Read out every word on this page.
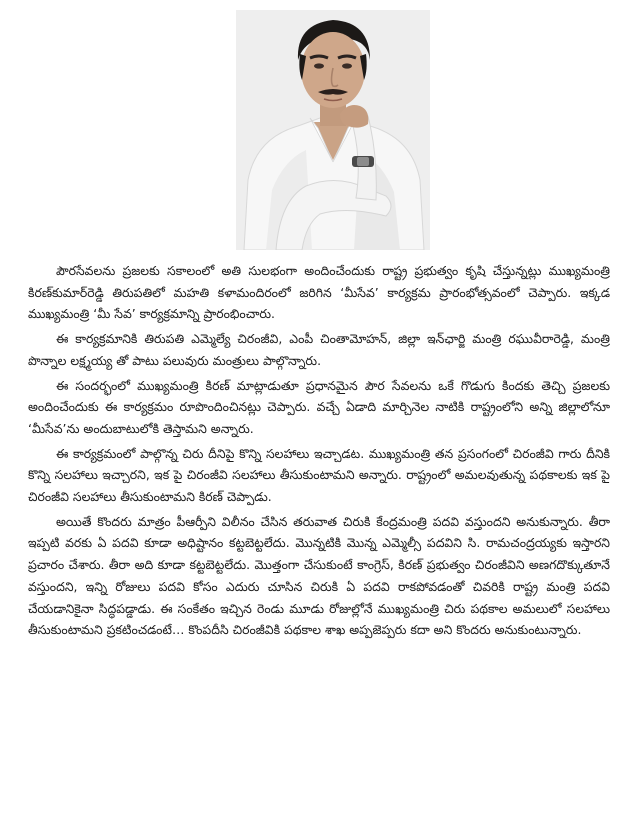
పౌరసేవలను ప్రజలకు సకాలంలో అతి సులభంగా అందించేందుకు రాష్ట్ర ప్రభుత్వం కృషి చేస్తున్నట్లు ముఖ్యమంత్రి కిరణ్‌కుమార్‌రెడ్డి తిరుపతిలో మహతి కళామందిరంలో జరిగిన ‘మీసేవ’ కార్యక్రమ ప్రారంభోత్సవంలో చెప్పారు. ఇక్కడ ముఖ్యమంత్రి ‘మీ సేవ’ కార్యక్రమాన్ని ప్రారంభించారు.

ఈ కార్యక్రమానికి తిరుపతి ఎమ్మెల్యే చిరంజీవి, ఎంపీ చింతామోహన్, జిల్లా ఇన్‌ఛార్జి మంత్రి రఘువీరారెడ్డి, మంత్రి పొన్నాల లక్ష్మయ్య తో పాటు పలువురు మంత్రులు పాల్గొన్నారు.

ఈ సందర్భంలో ముఖ్యమంత్రి కిరణ్ మాట్లాడుతూ ప్రధానమైన పౌర సేవలను ఒకే గొడుగు కిందకు తెచ్చి ప్రజలకు అందించేందుకు ఈ కార్యక్రమం రూపొందించినట్లు చెప్పారు. వచ్చే ఏడాది మార్చినెల నాటికి రాష్ట్రంలోని అన్ని జిల్లాలోనూ ‘మీసేవ’ను అందుబాటులోకి తెస్తామని అన్నారు.

ఈ కార్యక్రమంలో పాల్గొన్న చిరు దీనిపై కొన్ని సలహాలు ఇచ్చాడట. ముఖ్యమంత్రి తన ప్రసంగంలో చిరంజీవి గారు దీనికి కొన్ని సలహాలు ఇచ్చారని, ఇక పై చిరంజీవి సలహాలు తీసుకుంటామని అన్నారు. రాష్ట్రంలో అమలవుతున్న పథకాలకు ఇక పై చిరంజీవి సలహాలు తీసుకుంటామని కిరణ్ చెప్పాడు.

అయితే కొందరు మాత్రం పీఆర్పీని విలీనం చేసిన తరువాత చిరుకి కేంద్రమంత్రి పదవి వస్తుందని అనుకున్నారు. తీరా ఇప్పటి వరకు ఏ పదవి కూడా అధిష్టానం కట్టబెట్టలేదు. మొన్నటికి మొన్న ఎమ్మెల్సీ పదవిని సి. రామచంద్రయ్యకు ఇస్తారని ప్రచారం చేశారు. తీరా అది కూడా కట్టబెట్టలేదు. మొత్తంగా చేసుకుంటే కాంగ్రెస్, కిరణ్ ప్రభుత్వం చిరంజీవిని అణగదొక్కుతూనే వస్తుందని, ఇన్ని రోజులు పదవి కోసం ఎదురు చూసిన చిరుకి ఏ పదవి రాకపోవడంతో చివరికి రాష్ట్ర మంత్రి పదవి చేయడానికైనా సిద్ధపడ్డాడు. ఈ సంకేతం ఇచ్చిన రెండు మూడు రోజుల్లోనే ముఖ్యమంత్రి చిరు పథకాల అమలులో సలహాలు తీసుకుంటామని ప్రకటించడంటే… కొంపదీసి చిరంజీవికి పథకాల శాఖ అప్పజెప్పరు కదా అని కొందరు అనుకుంటున్నారు.
